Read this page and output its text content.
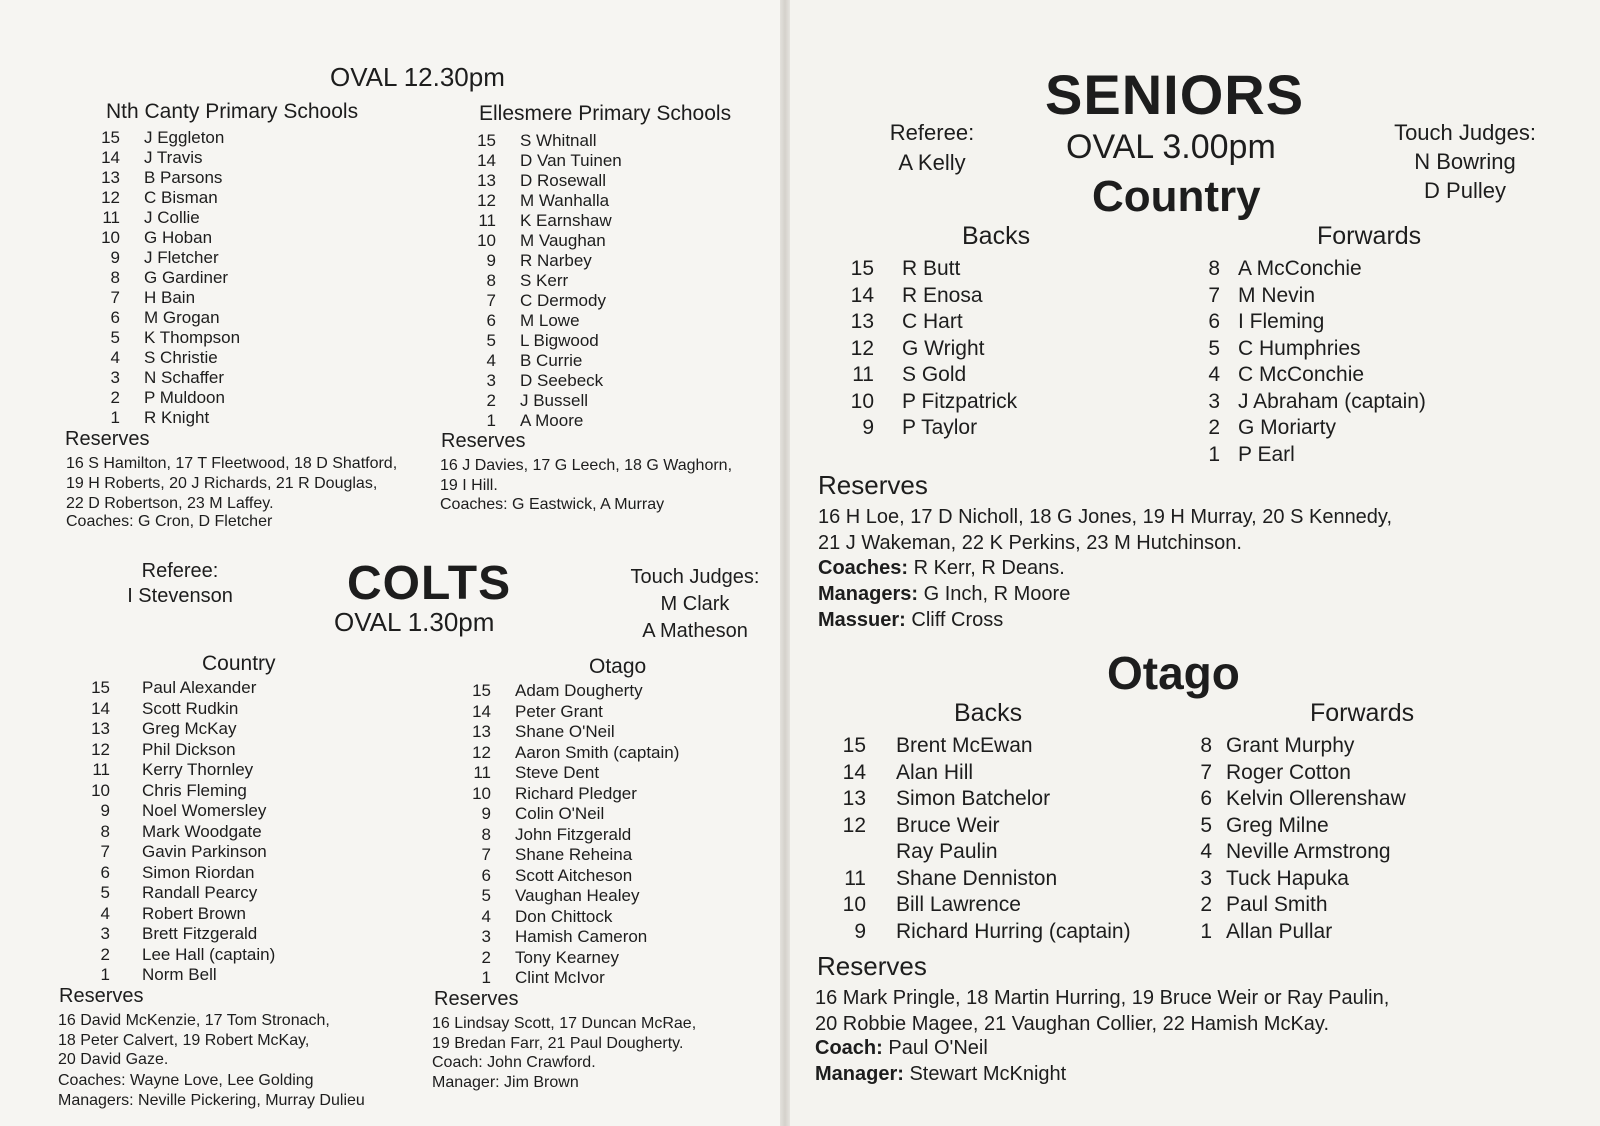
OVAL 12.30pm
Nth Canty Primary Schools
15 J Eggleton
14 J Travis
13 B Parsons
12 C Bisman
11 J Collie
10 G Hoban
9 J Fletcher
8 G Gardiner
7 H Bain
6 M Grogan
5 K Thompson
4 S Christie
3 N Schaffer
2 P Muldoon
1 R Knight
Ellesmere Primary Schools
15 S Whitnall
14 D Van Tuinen
13 D Rosewall
12 M Wanhalla
11 K Earnshaw
10 M Vaughan
9 R Narbey
8 S Kerr
7 C Dermody
6 M Lowe
5 L Bigwood
4 B Currie
3 D Seebeck
2 J Bussell
1 A Moore
Reserves
16 S Hamilton, 17 T Fleetwood, 18 D Shatford,
19 H Roberts, 20 J Richards, 21 R Douglas,
22 D Robertson, 23 M Laffey.
Coaches: G Cron, D Fletcher
Reserves
16 J Davies, 17 G Leech, 18 G Waghorn,
19 I Hill.
Coaches: G Eastwick, A Murray
Referee:
I Stevenson	COLTS
OVAL 1.30pm
Touch Judges:
M Clark
A Matheson
Country
15 Paul Alexander
14 Scott Rudkin
13 Greg McKay
12 Phil Dickson
11 Kerry Thornley
10 Chris Fleming
9 Noel Womersley
8 Mark Woodgate
7 Gavin Parkinson
6 Simon Riordan
5 Randall Pearcy
4 Robert Brown
3 Brett Fitzgerald
2 Lee Hall (captain)
1 Norm Bell
Otago
15 Adam Dougherty
14 Peter Grant
13 Shane O'Neil
12 Aaron Smith (captain)
11 Steve Dent
10 Richard Pledger
9 Colin O'Neil
8 John Fitzgerald
7 Shane Reheina
6 Scott Aitcheson
5 Vaughan Healey
4 Don Chittock
3 Hamish Cameron
2 Tony Kearney
1 Clint McIvor
Reserves
16 David McKenzie, 17 Tom Stronach,
18 Peter Calvert, 19 Robert McKay,
20 David Gaze.
Coaches: Wayne Love, Lee Golding
Managers: Neville Pickering, Murray Dulieu
Reserves
16 Lindsay Scott, 17 Duncan McRae,
19 Bredan Farr, 21 Paul Dougherty.
Coach: John Crawford.
Manager: Jim Brown
SENIORS
OVAL 3.00pm
Country
Referee:
A Kelly
Touch Judges:
N Bowring
D Pulley
Backs	Forwards
15 R Butt
14 R Enosa
13 C Hart
12 G Wright
11 S Gold
10 P Fitzpatrick
9 P Taylor
8 A McConchie
7 M Nevin
6 I Fleming
5 C Humphries
4 C McConchie
3 J Abraham (captain)
2 G Moriarty
1 P Earl
Reserves
16 H Loe, 17 D Nicholl, 18 G Jones, 19 H Murray, 20 S Kennedy,
21 J Wakeman, 22 K Perkins, 23 M Hutchinson.
Coaches: R Kerr, R Deans.
Managers: G Inch, R Moore
Massuer: Cliff Cross
Otago
Backs	Forwards
15 Brent McEwan
14 Alan Hill
13 Simon Batchelor
12 Bruce Weir
Ray Paulin
11 Shane Denniston
10 Bill Lawrence
9 Richard Hurring (captain)
8 Grant Murphy
7 Roger Cotton
6 Kelvin Ollerenshaw
5 Greg Milne
4 Neville Armstrong
3 Tuck Hapuka
2 Paul Smith
1 Allan Pullar
Reserves
16 Mark Pringle, 18 Martin Hurring, 19 Bruce Weir or Ray Paulin,
20 Robbie Magee, 21 Vaughan Collier, 22 Hamish McKay.
Coach: Paul O'Neil
Manager: Stewart McKnight
